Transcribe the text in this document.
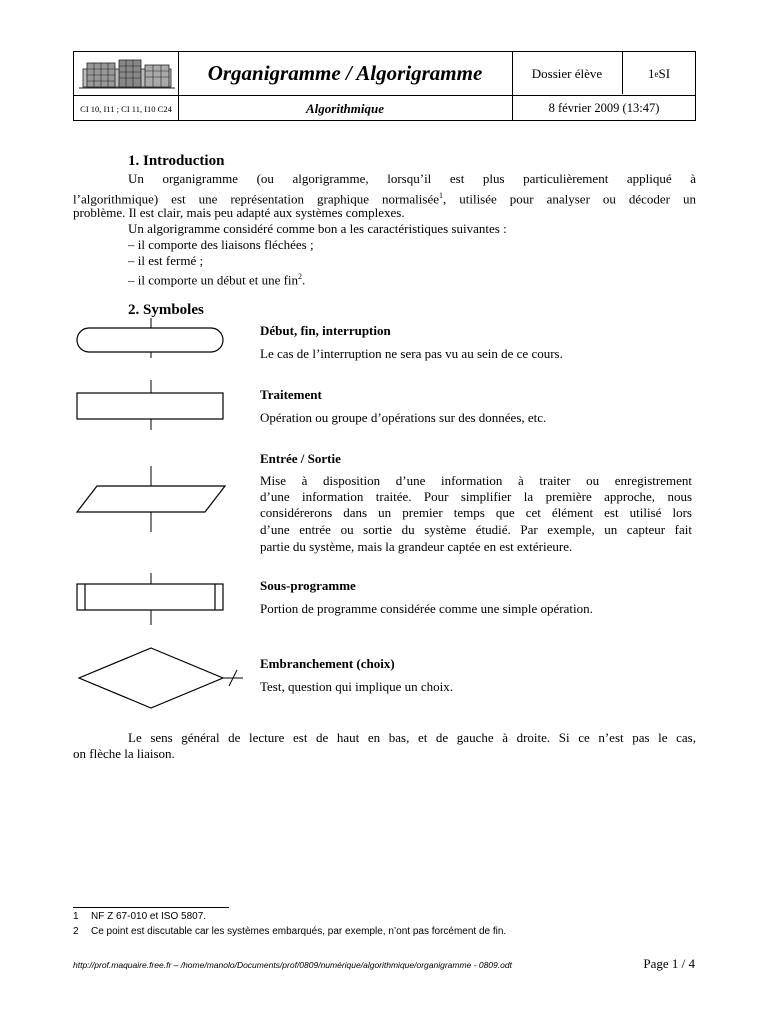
Organigramme / Algorigramme	Dossier élève	1 e SI
CI 10, I11 ; CI 11, I10 C24	Algorithmique	8 février 2009 (13:47)
1. Introduction
Un organigramme (ou algorigramme, lorsqu’il est plus particulièrement appliqué à
l’algorithmique) est une représentation graphique normalisée$^1$, utilisée pour analyser ou décoder un
problème. Il est clair, mais peu adapté aux systèmes complexes.
Un algorigramme considéré comme bon a les caractéristiques suivantes :
– il comporte des liaisons fléchées ;
– il est fermé ;
– il comporte un début et une fin$^2$.
2. Symboles
Début, fin, interruption
Le cas de l’interruption ne sera pas vu au sein de ce cours.
Traitement
Opération ou groupe d’opérations sur des données, etc.
Entrée / Sortie
Mise à disposition d’une information à traiter ou enregistrement
d’une information traitée. Pour simplifier la première approche, nous
considérerons dans un premier temps que cet élément est utilisé lors
d’une entrée ou sortie du système étudié. Par exemple, un capteur fait
partie du système, mais la grandeur captée en est extérieure.
Sous-programme
Portion de programme considérée comme une simple opération.
Embranchement (choix)
Test, question qui implique un choix.
Le sens général de lecture est de haut en bas, et de gauche à droite. Si ce n’est pas le cas,
on flèche la liaison.
1 NF Z 67-010 et ISO 5807.
2 Ce point est discutable car les systèmes embarqués, par exemple, n’ont pas forcément de fin.
http://prof.maquaire.free.fr – /home/manolo/Documents/prof/0809/numérique/algorithmique/organigramme - 0809.odt	Page 1 / 4
